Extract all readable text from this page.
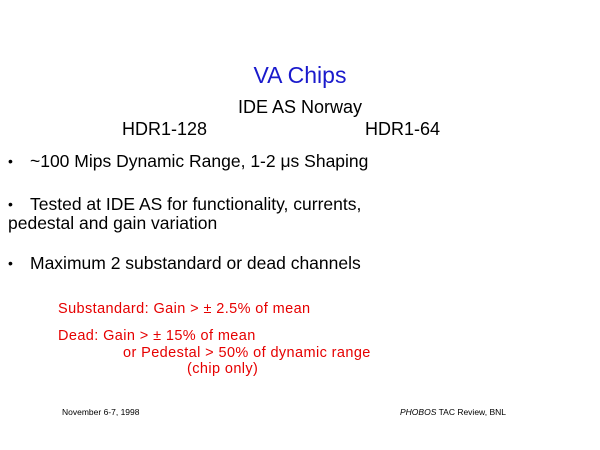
VA Chips
IDE AS Norway
HDR1-128	HDR1-64
• ~100 Mips Dynamic Range, 1-2 μs Shaping
• Tested at IDE AS for functionality, currents,
pedestal and gain variation
• Maximum 2 substandard or dead channels
Substandard: Gain > ± 2.5% of mean
Dead: Gain > ± 15% of mean
or Pedestal > 50% of dynamic range
(chip only)
November 6-7, 1998	PHOBOS TAC Review, BNL
